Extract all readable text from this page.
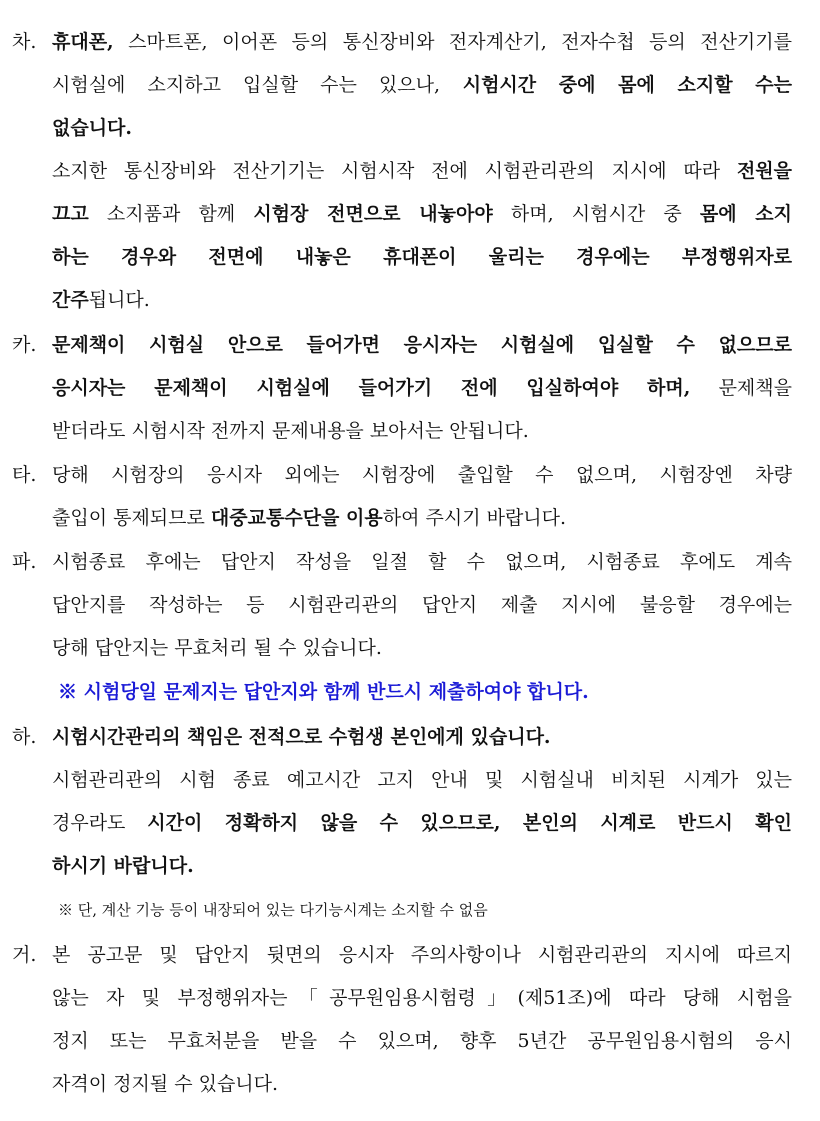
차. 휴대폰, 스마트폰, 이어폰 등의 통신장비와 전자계산기, 전자수첩 등의 전산기기를
시험실에 소지하고 입실할 수는 있으나, 시험시간 중에 몸에 소지할 수는
없습니다.
소지한 통신장비와 전산기기는 시험시작 전에 시험관리관의 지시에 따라 전원을
끄고 소지품과 함께 시험장 전면으로 내놓아야 하며, 시험시간 중 몸에 소지
하는 경우와 전면에 내놓은 휴대폰이 울리는 경우에는 부정행위자로
간주됩니다.
카. 문제책이 시험실 안으로 들어가면 응시자는 시험실에 입실할 수 없으므로
응시자는 문제책이 시험실에 들어가기 전에 입실하여야 하며, 문제책을
받더라도 시험시작 전까지 문제내용을 보아서는 안됩니다.
타. 당해 시험장의 응시자 외에는 시험장에 출입할 수 없으며, 시험장엔 차량
출입이 통제되므로 대중교통수단을 이용하여 주시기 바랍니다.
파. 시험종료 후에는 답안지 작성을 일절 할 수 없으며, 시험종료 후에도 계속
답안지를 작성하는 등 시험관리관의 답안지 제출 지시에 불응할 경우에는
당해 답안지는 무효처리 될 수 있습니다.
※ 시험당일 문제지는 답안지와 함께 반드시 제출하여야 합니다.
하. 시험시간관리의 책임은 전적으로 수험생 본인에게 있습니다.
시험관리관의 시험 종료 예고시간 고지 안내 및 시험실내 비치된 시계가 있는
경우라도 시간이 정확하지 않을 수 있으므로, 본인의 시계로 반드시 확인
하시기 바랍니다.
※ 단, 계산 기능 등이 내장되어 있는 다기능시계는 소지할 수 없음
거. 본 공고문 및 답안지 뒷면의 응시자 주의사항이나 시험관리관의 지시에 따르지
않는 자 및 부정행위자는「공무원임용시험령」(제51조)에 따라 당해 시험을
정지 또는 무효처분을 받을 수 있으며, 향후 5년간 공무원임용시험의 응시
자격이 정지될 수 있습니다.
